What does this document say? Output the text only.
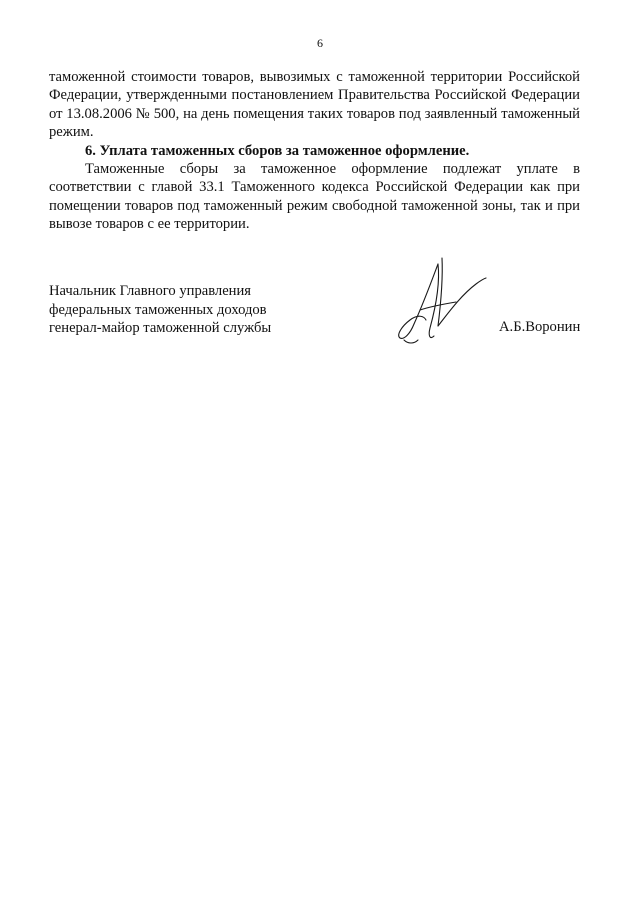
6

таможенной стоимости товаров, вывозимых с таможенной территории Российской Федерации, утвержденными постановлением Правительства Российской Федерации от 13.08.2006 № 500, на день помещения таких товаров под заявленный таможенный режим.

6. Уплата таможенных сборов за таможенное оформление.

Таможенные сборы за таможенное оформление подлежат уплате в соответствии с главой 33.1 Таможенного кодекса Российской Федерации как при помещении товаров под таможенный режим свободной таможенной зоны, так и при вывозе товаров с ее территории.

Начальник Главного управления
федеральных таможенных доходов
генерал-майор таможенной службы	А.Б.Воронин
